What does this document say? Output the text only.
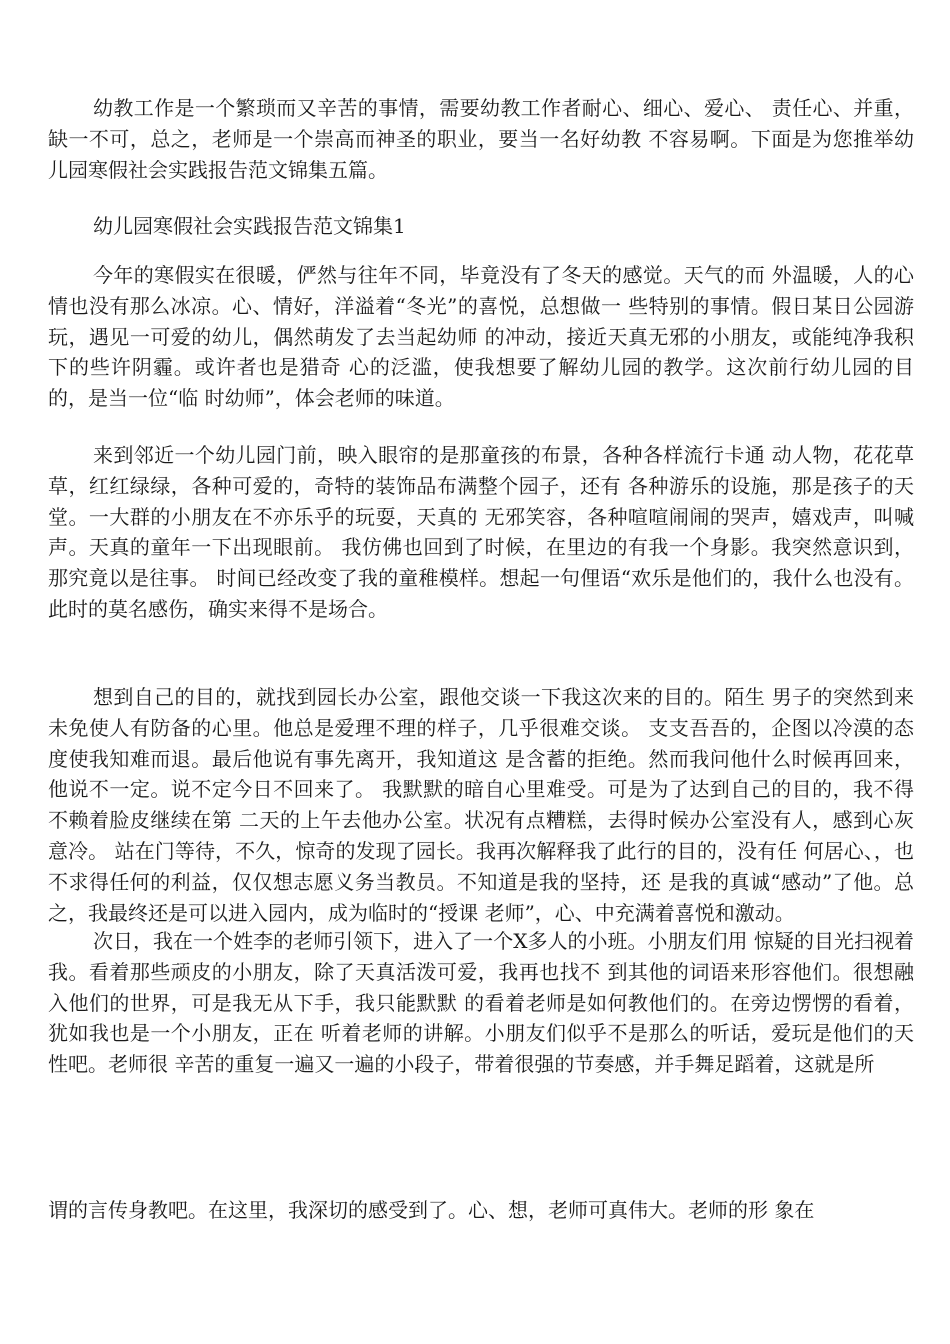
幼教工作是一个繁琐而又辛苦的事情，需要幼教工作者耐心、细心、爱心、 责任心、并重，缺一不可，总之，老师是一个崇高而神圣的职业，要当一名好幼教 不容易啊。下面是为您推举幼儿园寒假社会实践报告范文锦集五篇。

幼儿园寒假社会实践报告范文锦集1

今年的寒假实在很暖，俨然与往年不同，毕竟没有了冬天的感觉。天气的而 外温暖，人的心情也没有那么冰凉。心、情好，洋溢着“冬光”的喜悦，总想做一 些特别的事情。假日某日公园游玩，遇见一可爱的幼儿，偶然萌发了去当起幼师 的冲动，接近天真无邪的小朋友，或能纯净我积下的些许阴霾。或许者也是猎奇 心的泛滥，使我想要了解幼儿园的教学。这次前行幼儿园的目的，是当一位“临 时幼师”，体会老师的味道。

来到邻近一个幼儿园门前，映入眼帘的是那童孩的布景，各种各样流行卡通 动人物，花花草草，红红绿绿，各种可爱的，奇特的装饰品布满整个园子，还有 各种游乐的设施，那是孩子的天堂。一大群的小朋友在不亦乐乎的玩耍，天真的 无邪笑容，各种喧喧闹闹的哭声，嬉戏声，叫喊声。天真的童年一下出现眼前。 我仿佛也回到了时候，在里边的有我一个身影。我突然意识到，那究竟以是往事。 时间已经改变了我的童稚模样。想起一句俚语“欢乐是他们的，我什么也没有。 此时的莫名感伤，确实来得不是场合。

想到自己的目的，就找到园长办公室，跟他交谈一下我这次来的目的。陌生 男子的突然到来未免使人有防备的心里。他总是爱理不理的样子，几乎很难交谈。 支支吾吾的，企图以冷漠的态度使我知难而退。最后他说有事先离开，我知道这 是含蓄的拒绝。然而我问他什么时候再回来，他说不一定。说不定今日不回来了。 我默默的暗自心里难受。可是为了达到自己的目的，我不得不赖着脸皮继续在第 二天的上午去他办公室。状况有点糟糕，去得时候办公室没有人，感到心灰意冷。 站在门等待，不久，惊奇的发现了园长。我再次解释我了此行的目的，没有任 何居心、，也不求得任何的利益，仅仅想志愿义务当教员。不知道是我的坚持，还 是我的真诚“感动”了他。总之，我最终还是可以进入园内，成为临时的“授课 老师”，心、中充满着喜悦和激动。

次日，我在一个姓李的老师引领下，进入了一个X多人的小班。小朋友们用 惊疑的目光扫视着我。看着那些顽皮的小朋友，除了天真活泼可爱，我再也找不 到其他的词语来形容他们。很想融入他们的世界，可是我无从下手，我只能默默 的看着老师是如何教他们的。在旁边愣愣的看着，犹如我也是一个小朋友，正在 听着老师的讲解。小朋友们似乎不是那么的听话，爱玩是他们的天性吧。老师很 辛苦的重复一遍又一遍的小段子，带着很强的节奏感，并手舞足蹈着，这就是所

谓的言传身教吧。在这里，我深切的感受到了。心、想，老师可真伟大。老师的形 象在
